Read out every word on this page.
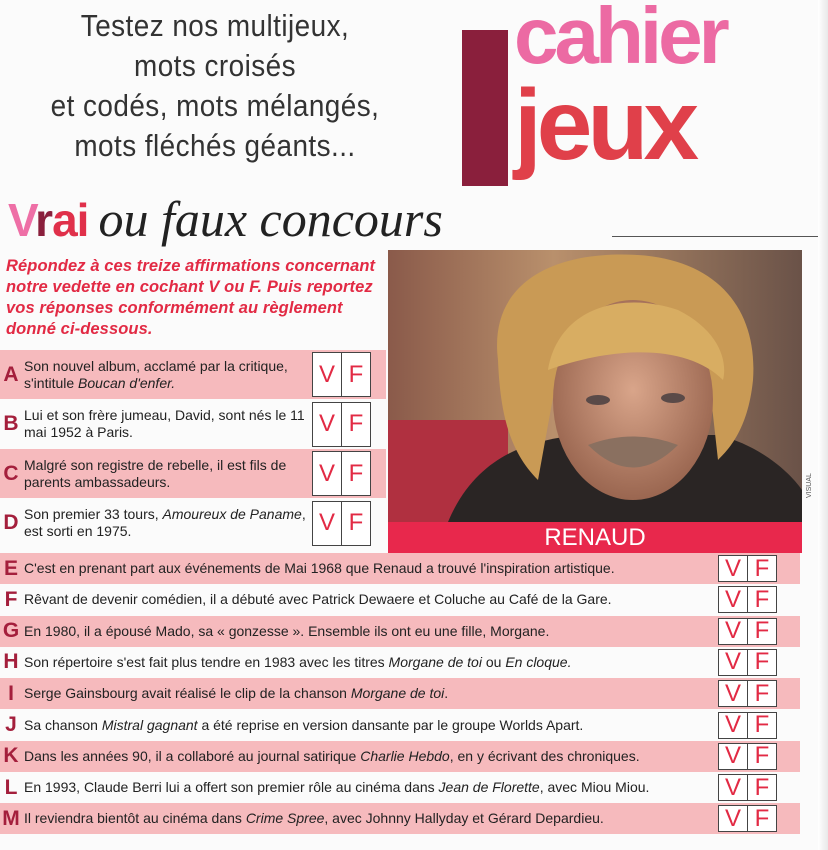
Testez nos multijeux,
mots croisés
et codés, mots mélangés,
mots fléchés géants...
cahier
jeux
Vrai ou faux concours
Répondez à ces treize affirmations concernant notre vedette en cochant V ou F. Puis reportez vos réponses conformément au règlement donné ci-dessous.
RENAUD
VISUAL
A Son nouvel album, acclamé par la critique, s'intitule Boucan d'enfer.	V F
B Lui et son frère jumeau, David, sont nés le 11 mai 1952 à Paris.	V F
C Malgré son registre de rebelle, il est fils de parents ambassadeurs.	V F
D Son premier 33 tours, Amoureux de Paname, est sorti en 1975.	V F
E C'est en prenant part aux événements de Mai 1968 que Renaud a trouvé l'inspiration artistique.	V F
F Rêvant de devenir comédien, il a débuté avec Patrick Dewaere et Coluche au Café de la Gare.	V F
G En 1980, il a épousé Mado, sa « gonzesse ». Ensemble ils ont eu une fille, Morgane.	V F
H Son répertoire s'est fait plus tendre en 1983 avec les titres Morgane de toi ou En cloque.	V F
I Serge Gainsbourg avait réalisé le clip de la chanson Morgane de toi.	V F
J Sa chanson Mistral gagnant a été reprise en version dansante par le groupe Worlds Apart.	V F
K Dans les années 90, il a collaboré au journal satirique Charlie Hebdo, en y écrivant des chroniques.	V F
L En 1993, Claude Berri lui a offert son premier rôle au cinéma dans Jean de Florette, avec Miou Miou.	V F
M Il reviendra bientôt au cinéma dans Crime Spree, avec Johnny Hallyday et Gérard Depardieu.	V F
